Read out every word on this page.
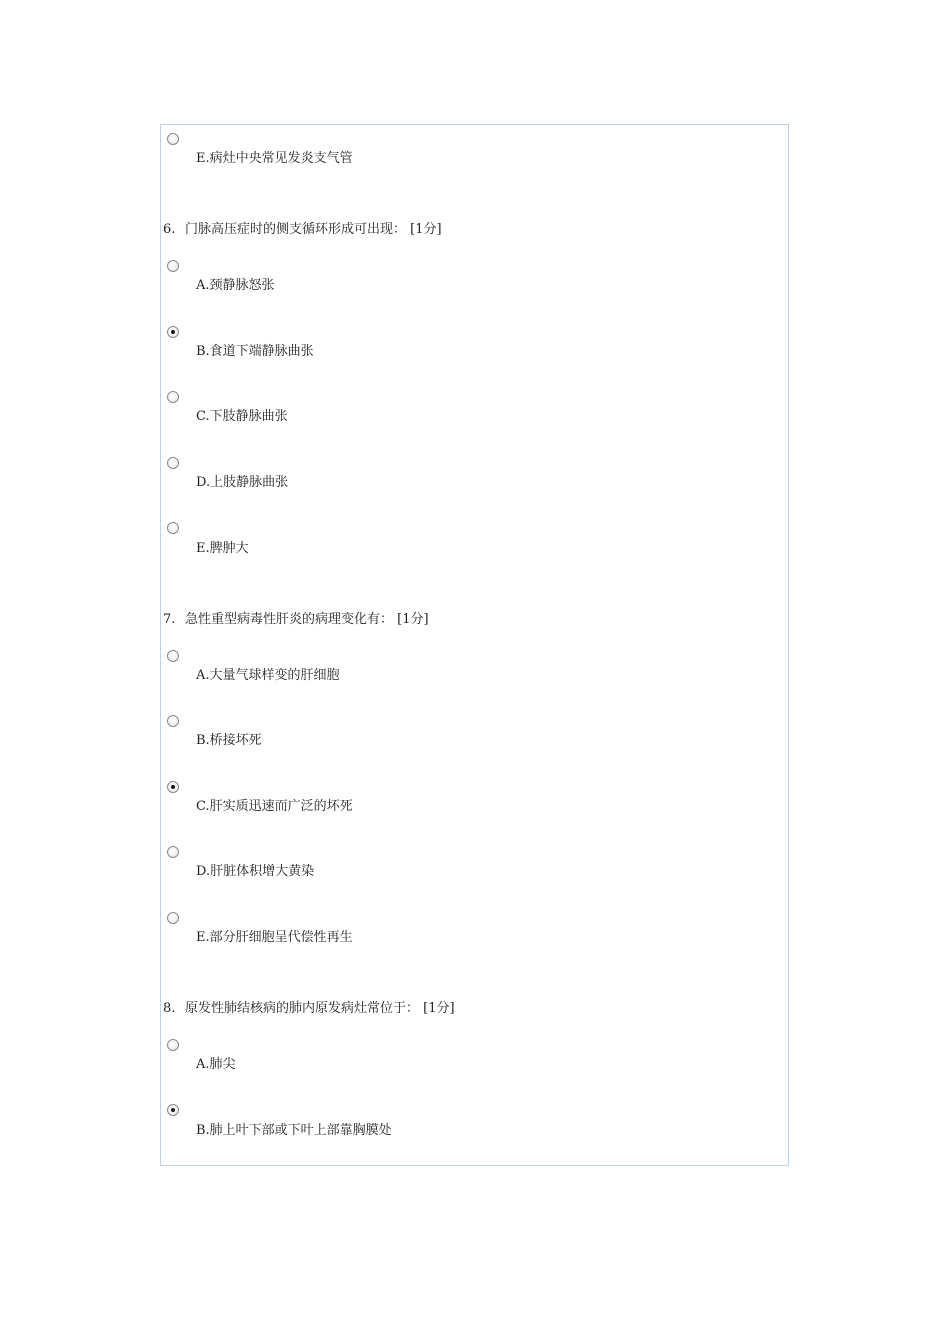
E.病灶中央常见发炎支气管
6. 门脉高压症时的侧支循环形成可出现： [1分]
A.颈静脉怒张
B.食道下端静脉曲张
C.下肢静脉曲张
D.上肢静脉曲张
E.脾肿大
7. 急性重型病毒性肝炎的病理变化有： [1分]
A.大量气球样变的肝细胞
B.桥接坏死
C.肝实质迅速而广泛的坏死
D.肝脏体积增大黄染
E.部分肝细胞呈代偿性再生
8. 原发性肺结核病的肺内原发病灶常位于： [1分]
A.肺尖
B.肺上叶下部或下叶上部靠胸膜处
